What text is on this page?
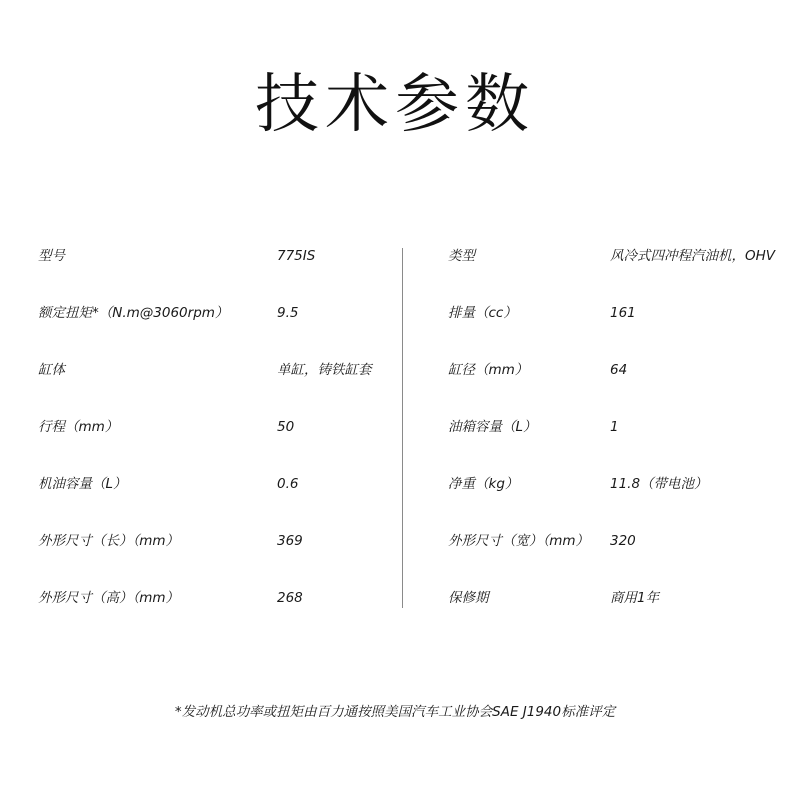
技术参数
型号	775IS
额定扭矩*（N.m@3060rpm）	9.5
缸体	单缸，铸铁缸套
行程（mm）	50
机油容量（L）	0.6
外形尺寸（长）（mm）	369
外形尺寸（高）（mm）	268
类型	风冷式四冲程汽油机，OHV
排量（cc）	161
缸径（mm）	64
油箱容量（L）	1
净重（kg）	11.8（带电池）
外形尺寸（宽）（mm） 320
保修期	商用1年
*发动机总功率或扭矩由百力通按照美国汽车工业协会SAE J1940标准评定
